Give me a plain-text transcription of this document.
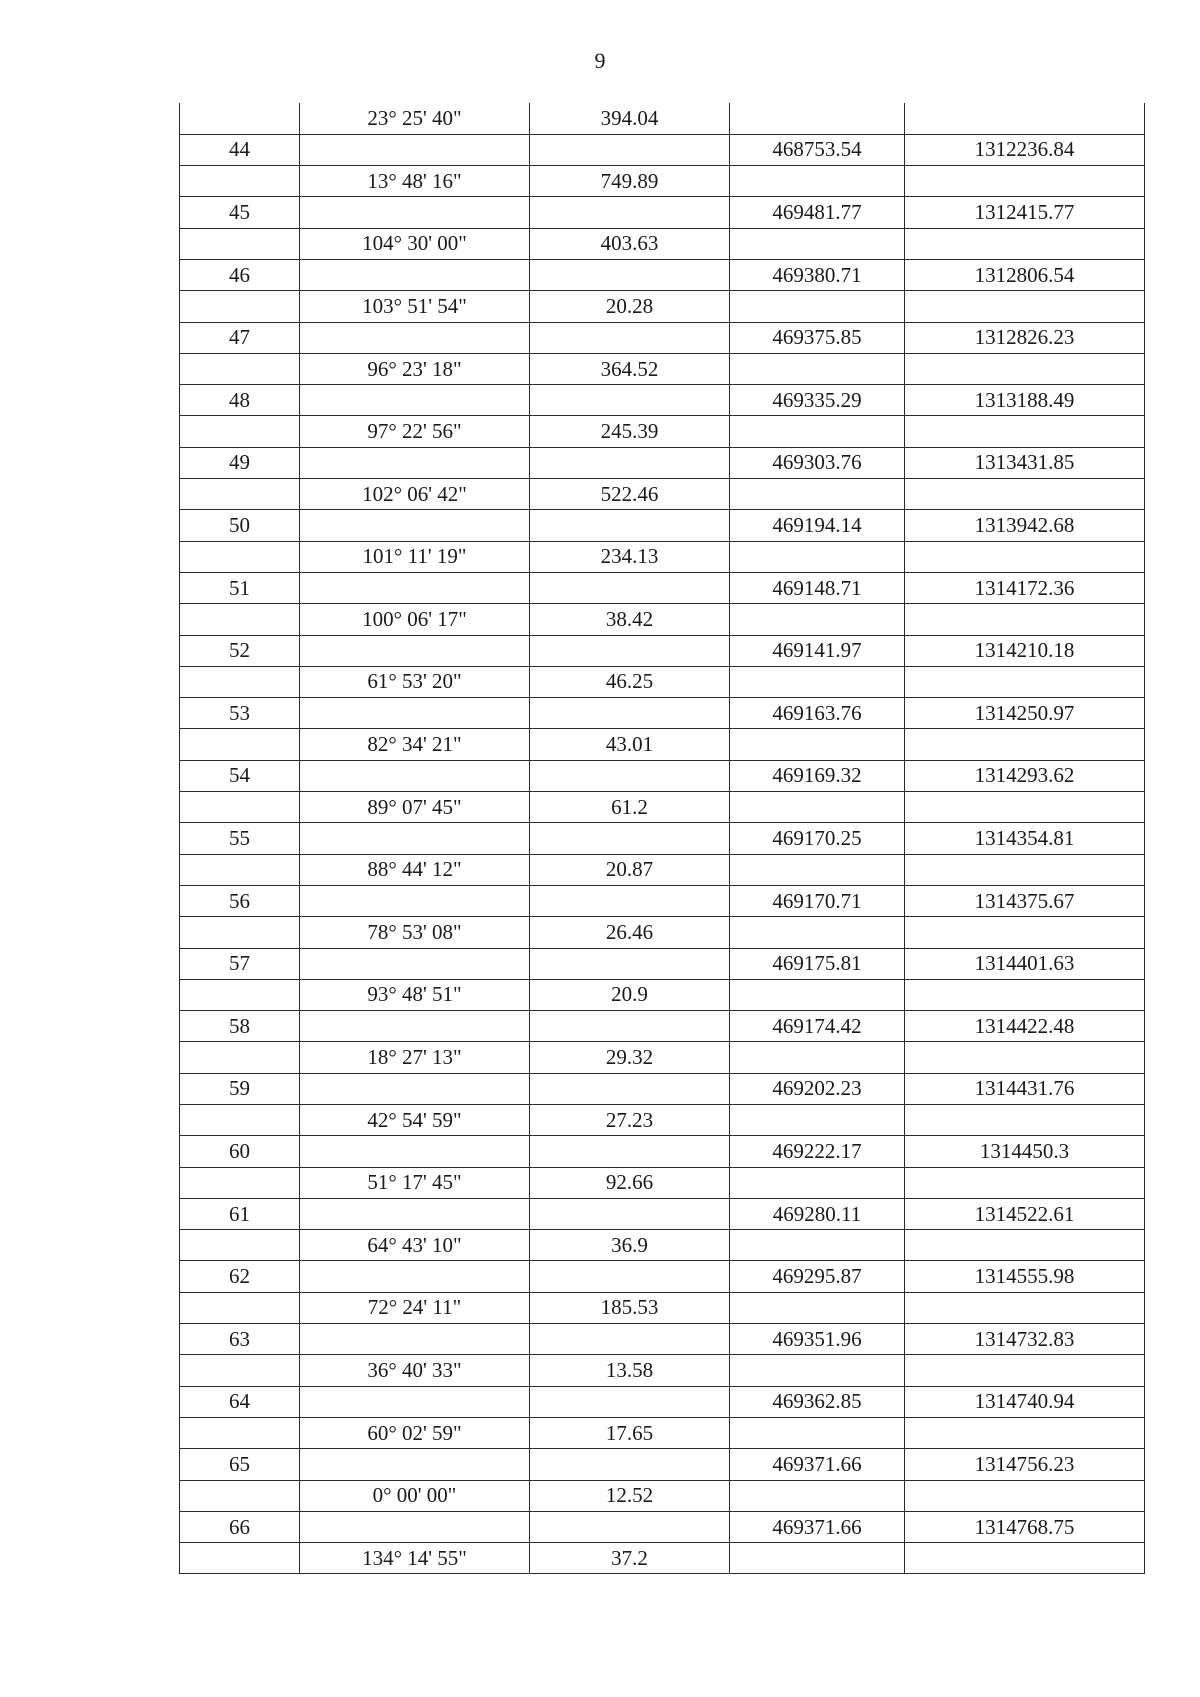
9
	23° 25' 40"	394.04		
44			468753.54	1312236.84
	13° 48' 16"	749.89		
45			469481.77	1312415.77
	104° 30' 00"	403.63		
46			469380.71	1312806.54
	103° 51' 54"	20.28		
47			469375.85	1312826.23
	96° 23' 18"	364.52		
48			469335.29	1313188.49
	97° 22' 56"	245.39		
49			469303.76	1313431.85
	102° 06' 42"	522.46		
50			469194.14	1313942.68
	101° 11' 19"	234.13		
51			469148.71	1314172.36
	100° 06' 17"	38.42		
52			469141.97	1314210.18
	61° 53' 20"	46.25		
53			469163.76	1314250.97
	82° 34' 21"	43.01		
54			469169.32	1314293.62
	89° 07' 45"	61.2		
55			469170.25	1314354.81
	88° 44' 12"	20.87		
56			469170.71	1314375.67
	78° 53' 08"	26.46		
57			469175.81	1314401.63
	93° 48' 51"	20.9		
58			469174.42	1314422.48
	18° 27' 13"	29.32		
59			469202.23	1314431.76
	42° 54' 59"	27.23		
60			469222.17	1314450.3
	51° 17' 45"	92.66		
61			469280.11	1314522.61
	64° 43' 10"	36.9		
62			469295.87	1314555.98
	72° 24' 11"	185.53		
63			469351.96	1314732.83
	36° 40' 33"	13.58		
64			469362.85	1314740.94
	60° 02' 59"	17.65		
65			469371.66	1314756.23
	0° 00' 00"	12.52		
66			469371.66	1314768.75
	134° 14' 55"	37.2		
